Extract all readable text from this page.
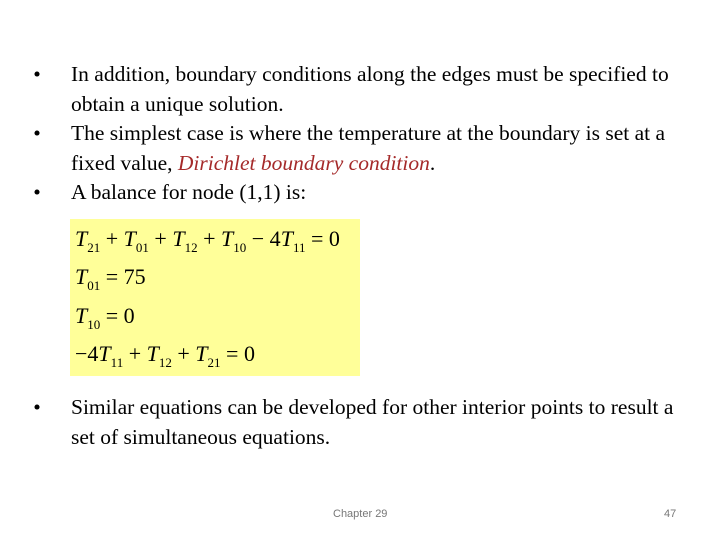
• In addition, boundary conditions along the edges must be specified to obtain a unique solution.
• The simplest case is where the temperature at the boundary is set at a fixed value, Dirichlet boundary condition.
• A balance for node (1,1) is:
$T_{21} + T_{01} + T_{12} + T_{10} - 4T_{11} = 0$
$T_{01} = 75$
$T_{10} = 0$
$-4T_{11} + T_{12} + T_{21} = 0$
• Similar equations can be developed for other interior points to result a set of simultaneous equations.
Chapter 29	47
